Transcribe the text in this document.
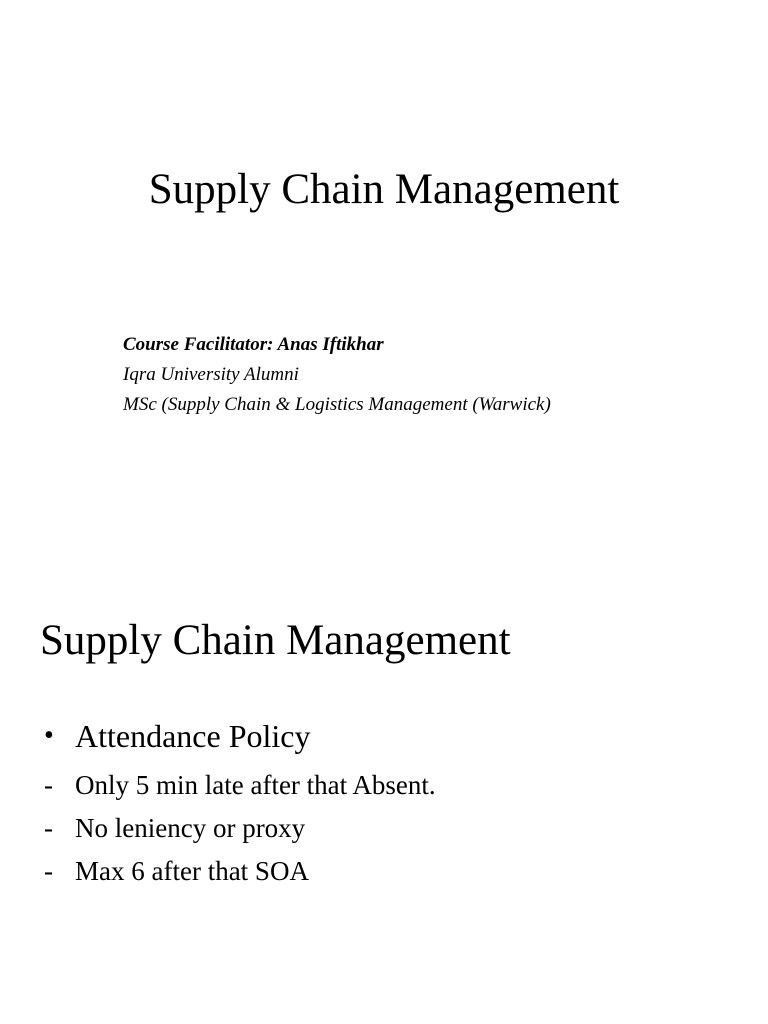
Supply Chain Management
Course Facilitator: Anas Iftikhar
Iqra University Alumni
MSc (Supply Chain & Logistics Management (Warwick)
Supply Chain Management
• Attendance Policy
- Only 5 min late after that Absent.
- No leniency or proxy
- Max 6 after that SOA
